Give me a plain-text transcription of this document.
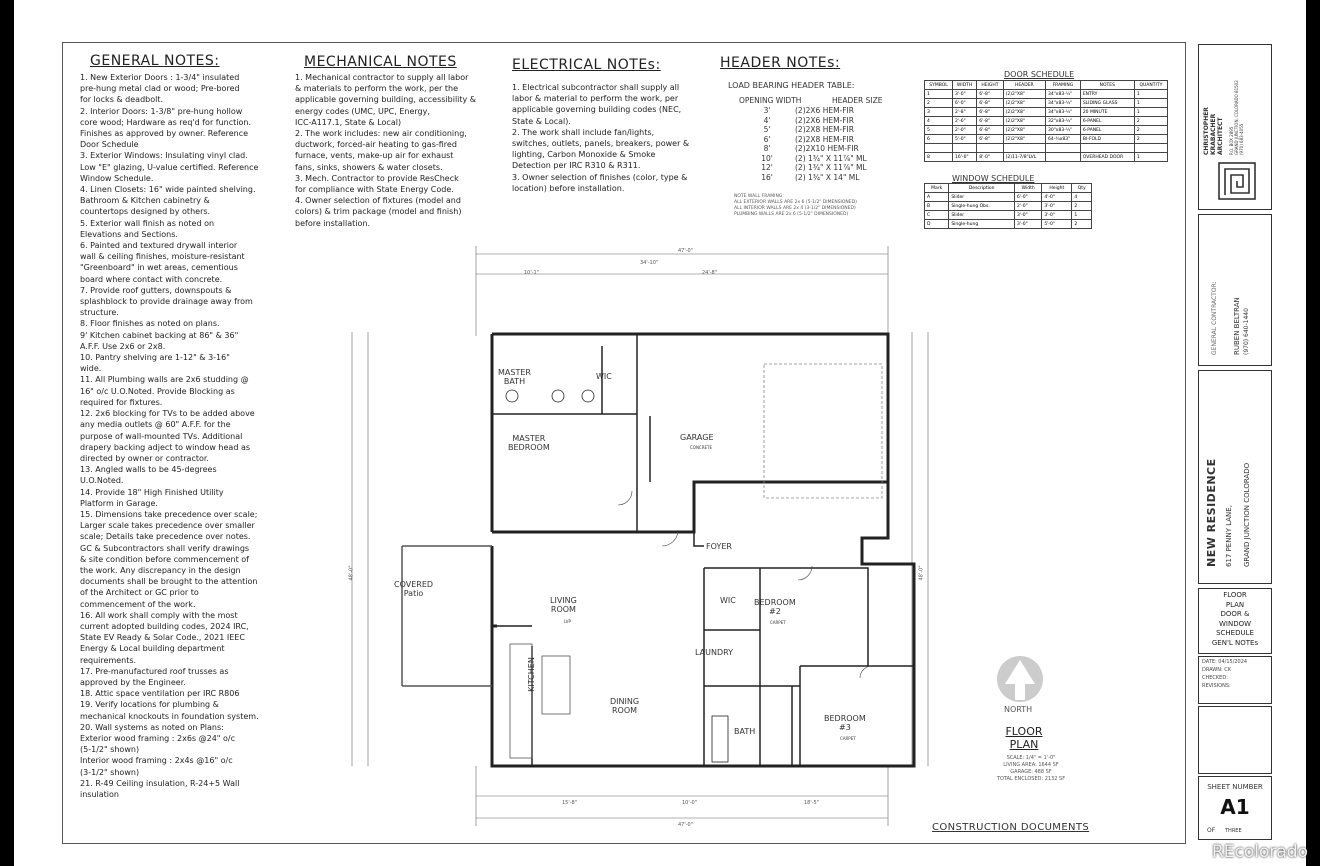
GENERAL NOTES:
1. New Exterior Doors : 1-3/4" insulated
pre-hung metal clad or wood; Pre-bored
for locks & deadbolt.
2. Interior Doors: 1-3/8" pre-hung hollow
core wood; Hardware as req'd for function.
Finishes as approved by owner. Reference
Door Schedule
3. Exterior Windows: Insulating vinyl clad.
Low "E" glazing, U-value certified. Reference
Window Schedule.
4. Linen Closets: 16" wide painted shelving.
Bathroom & Kitchen cabinetry &
countertops designed by others.
5. Exterior wall finish as noted on
Elevations and Sections.
6. Painted and textured drywall interior
wall & ceiling finishes, moisture-resistant
"Greenboard" in wet areas, cementious
board where contact with concrete.
7. Provide roof gutters, downspouts &
splashblock to provide drainage away from
structure.
8. Floor finishes as noted on plans.
9' Kitchen cabinet backing at 86" & 36"
A.F.F. Use 2x6 or 2x8.
10. Pantry shelving are 1-12" & 3-16"
wide.
11. All Plumbing walls are 2x6 studding @
16" o/c U.O.Noted. Provide Blocking as
required for fixtures.
12. 2x6 blocking for TVs to be added above
any media outlets @ 60" A.F.F. for the
purpose of wall-mounted TVs. Additional
drapery backing adject to window head as
directed by owner or contractor.
13. Angled walls to be 45-degrees
U.O.Noted.
14. Provide 18" High Finished Utility
Platform in Garage.
15. Dimensions take precedence over scale;
Larger scale takes precedence over smaller
scale; Details take precedence over notes.
GC & Subcontractors shall verify drawings
& site condition before commencement of
the work. Any discrepancy in the design
documents shall be brought to the attention
of the Architect or GC prior to
commencement of the work.
16. All work shall comply with the most
current adopted building codes, 2024 IRC,
State EV Ready & Solar Code., 2021 IEEC
Energy & Local building department
requirements.
17. Pre-manufactured roof trusses as
approved by the Engineer.
18. Attic space ventilation per IRC R806
19. Verify locations for plumbing &
mechanical knockouts in foundation system.
20. Wall systems as noted on Plans:
Exterior wood framing : 2x6s @24" o/c
(5-1/2" shown)
Interior wood framing : 2x4s @16" o/c
(3-1/2" shown)
21. R-49 Ceiling insulation, R-24+5 Wall
insulation
MECHANICAL NOTES
1. Mechanical contractor to supply all labor
& materials to perform the work, per the
applicable governing building, accessibility &
energy codes (UMC, UPC, Energy,
ICC-A117.1, State & Local)
2. The work includes: new air conditioning,
ductwork, forced-air heating to gas-fired
furnace, vents, make-up air for exhaust
fans, sinks, showers & water closets.
3. Mech. Contractor to provide ResCheck
for compliance with State Energy Code.
4. Owner selection of fixtures (model and
colors) & trim package (model and finish)
before installation.
ELECTRICAL NOTEs:
1. Electrical subcontractor shall supply all
labor & material to perform the work, per
applicable governing building codes (NEC,
State & Local).
2. The work shall include fan/lights,
switches, outlets, panels, breakers, power &
lighting, Carbon Monoxide & Smoke
Detection per IRC R310 & R311.
3. Owner selection of finishes (color, type &
location) before installation.
HEADER NOTEs:
LOAD BEARING HEADER TABLE:
OPENING WIDTH	HEADER SIZE
3'	(2)2X6 HEM-FIR
4'	(2)2X6 HEM-FIR
5'	(2)2X8 HEM-FIR
6'	(2)2X8 HEM-FIR
8'	(2)2X10 HEM-FIR
10'	(2) 1¾" X 11⅞" ML
12'	(2) 1¾" X 11⅞" ML
16'	(2) 1¾" X 14" ML
NOTE WALL FRAMING:
ALL EXTERIOR WALLS ARE 2x 6 (5-1/2" DIMENSIONED)
ALL INTERIOR WALLS ARE 2x 4 (3-1/2" DIMENSIONED)
PLUMBING WALLS ARE 2x 6 (5-1/2" DIMENSIONED)
DOOR SCHEDULE
SYMBOL	WIDTH	HEIGHT	HEADER	FRAMING	NOTES	QUANTITY
1	3'-0"	6'-8"	(2)2"X8"	34"x83-½"	ENTRY	1
2	6'-0"	6'-8"	(2)2"X8"	34"x83-½"	SLIDING GLASS	1
3	2'-8"	6'-8"	(2)2"X8"	34"x83-½"	20 MINUTE	1
4	2'-6"	6'-8"	(2)2"X8"	32"x83-½"	6-PANEL	2
5	2'-0"	6'-8"	(2)2"X8"	30"x83-½"	6-PANEL	2
6	5'-0"	6'-8"	(2)2"X8"	64-¾x83"	BI-FOLD	2

8	16'-0"	8'-0"	(2)11-7/8"LVL		OVERHEAD DOOR	1
WINDOW SCHEDULE
Mark	Description	Width	Height	Qty
A	Slider	6'-0"	4'-0"	4
B	Single-hung Obs.	2'-0"	3'-0"	2
C	Slider	3'-0"	3'-0"	1
D	Single-hung	3'-0"	5'-0"	2
MASTER
BATH
WIC
MASTER
BEDROOM
GARAGE
CONCRETE
FOYER
COVERED
Patio
LIVING
ROOM
LVP
WIC BEDROOM
#2
CARPET
LAUNDRY
KITCHEN
DINING
ROOM
BATH
BEDROOM
#3
CARPET
47'-0"
10'-1"
34'-10"
24'-8"
15'-8"	10'-0"	18'-5"
47'-0"
48'-0"	48'-0"
NORTH
FLOOR
PLAN
SCALE: 1/4" = 1'-0"
LIVING AREA: 1644 SF
GARAGE: 488 SF
TOTAL ENCLOSED: 2132 SF
CONSTRUCTION DOCUMENTS
CHRISTOPHER
KRABACHER
ARCHITECT P.O. BOX 2895
GRAND JUNCTION, COLORADO 81502
(970) 683-4055
GENERAL CONTRACTOR: RUBEN BELTRAN (970) 640-1440
NEW RESIDENCE 617 PENNY LANE, GRAND JUNCTION COLORADO
FLOOR
PLAN
DOOR &
WINDOW
SCHEDULE
GEN'L NOTEs
DATE: 04/15/2024
DRAWN: CK
CHECKED:
REVISIONS:
SHEET NUMBER
A1
OF THREE
REcolorado
